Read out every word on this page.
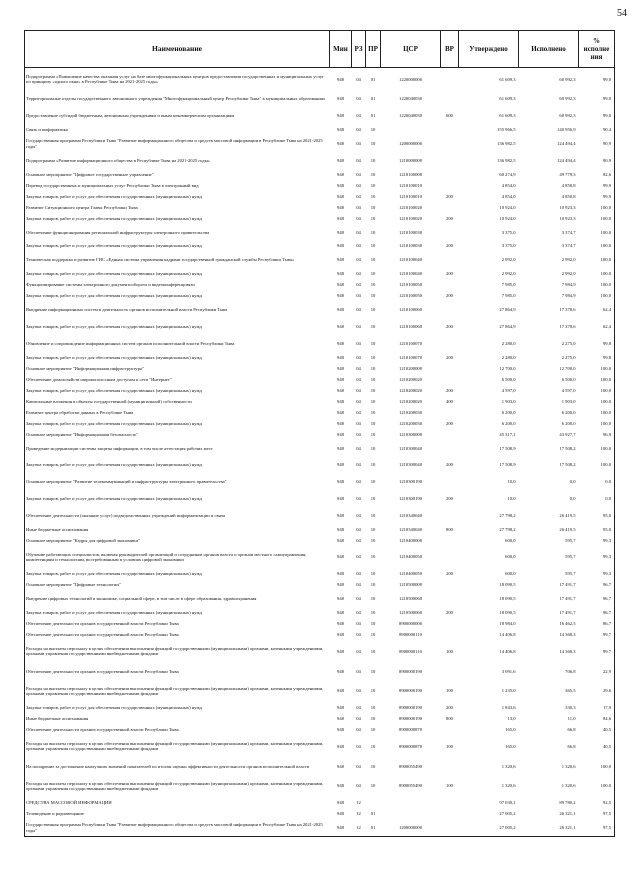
54
Наименование	Мин	РЗ	ПР	ЦСР	ВР	Утверждено	Исполнено	% исполне ния
Подпрограмма «Повышение качества оказания услуг на базе многофункциональных центров предоставления государственных и муниципальных услуг по принципу «одного окна» в Республике Тыва на 2021-2025 годы»	948	04	01	1220000000		61 609,3	60 992,3	99,0
Территориальные отделы государственного автономного учреждения "Многофункциональный центр Республики Тыва" в муниципальных образованиях	948	04	01	1220040030		61 609,3	60 992,3	99,0
Предоставление субсидий бюджетным, автономным учреждениям и иным некоммерческим организациям	948	04	01	1220040030	600	61 609,3	60 992,3	99,0
Связь и информатика	948	04	10			155 966,5	140 956,9	90,4
Государственная программа Республики Тыва "Развитие информационного общества и средств массовой информации в Республике Тыва на 2021-2025 годы"	948	04	10	1200000000		136 982,5	124 494,4	90,9
Подпрограмма «Развитие информационного общества в Республике Тыва на 2021-2025 годы»	948	04	10	1210000000		136 982,5	124 494,4	90,9
Основное мероприятие "Цифровое государственное управление"	948	04	10	1210100000		60 274,9	49 779,3	82,6
Перевод государственных и муниципальных услуг Республики Тыва в электронный вид	948	04	10	1210100010		4 854,0	4 850,8	99,9
Закупка товаров, работ и услуг для обеспечения государственных (муниципальных) нужд	948	04	10	1210100010	200	4 854,0	4 850,8	99,9
Развитие Ситуационного центра Главы Республики Тыва	948	04	10	1210100020		10 924,0	10 923,3	100,0
Закупка товаров, работ и услуг для обеспечения государственных (муниципальных) нужд	948	04	10	1210100020	200	10 924,0	10 923,3	100,0
Обеспечение функционирования региональной инфраструктуры электронного правительства	948	04	10	1210100030		3 375,0	3 374,7	100,0
Закупка товаров, работ и услуг для обеспечения государственных (муниципальных) нужд	948	04	10	1210100030	200	3 375,0	3 374,7	100,0
Техническая поддержка и развитие ГИС «Единая система управления кадрами государственной гражданской службы Республики Тыва»	948	04	10	1210100040		2 992,0	2 992,0	100,0
Закупка товаров, работ и услуг для обеспечения государственных (муниципальных) нужд	948	04	10	1210100040	200	2 992,0	2 992,0	100,0
Функционирование системы электронного документооборота и видеоконференцсвязи	948	04	10	1210100050		7 985,0	7 984,9	100,0
Закупка товаров, работ и услуг для обеспечения государственных (муниципальных) нужд	948	04	10	1210100050	200	7 985,0	7 984,9	100,0
Внедрение информационных систем в деятельность органов исполнительной власти Республики Тыва	948	04	10	1210100060		27 864,9	17 378,6	62,4
Закупка товаров, работ и услуг для обеспечения государственных (муниципальных) нужд	948	04	10	1210100060	200	27 864,9	17 378,6	62,4
Обновление и сопровождение информационных систем органов исполнительной власти Республики Тыва	948	04	10	1210100070		2 280,0	2 275,0	99,8
Закупка товаров, работ и услуг для обеспечения государственных (муниципальных) нужд	948	04	10	1210100070	200	2 280,0	2 275,0	99,8
Основное мероприятие "Информационная инфраструктура"	948	04	10	1210200000		12 700,0	12 700,0	100,0
Обеспечение домохозяйств широкополосным доступом к сети "Интернет"	948	04	10	1210200020		6 500,0	6 500,0	100,0
Закупка товаров, работ и услуг для обеспечения государственных (муниципальных) нужд	948	04	10	1210200020	200	4 597,0	4 597,0	100,0
Капитальные вложения в объекты государственной (муниципальной) собственности	948	04	10	1210200020	400	1 903,0	1 903,0	100,0
Развитие центра обработки данных в Республике Тыва	948	04	10	1210200030		6 200,0	6 200,0	100,0
Закупка товаров, работ и услуг для обеспечения государственных (муниципальных) нужд	948	04	10	1210200030	200	6 200,0	6 200,0	100,0
Основное мероприятие "Информационная безопасность"	948	04	10	1210300000		45 317,1	43 927,7	96,9
Проведение модернизации системы защиты информации, в том числе аттестация рабочих мест	948	04	10	1210300040		17 508,9	17 508,2	100,0
Закупка товаров, работ и услуг для обеспечения государственных (муниципальных) нужд	948	04	10	1210300040	200	17 508,9	17 508,2	100,0
Основное мероприятие "Развитие телекоммуникаций и инфраструктуры электронного правительства"	948	04	10	1210300190		10,0	0,0	0,0
Закупка товаров, работ и услуг для обеспечения государственных (муниципальных) нужд	948	04	10	1210300190	200	10,0	0,0	0,0
Обеспечение деятельности (оказание услуг) подведомственных учреждений информатизации и связи	948	04	10	1210340040		27 798,2	26 419,5	95,0
Иные бюджетные ассигнования	948	04	10	1210340040	800	27 798,2	26 419,5	95,0
Основное мероприятие "Кадры для цифровой экономики"	948	04	10	1210400000		600,0	595,7	99,3
Обучение работающих специалистов, включая руководителей организаций и сотрудников органов власти и органов местного самоуправления, компетенциям и технологиям, востребованным в условиях цифровой экономики	948	04	10	1210400050		600,0	595,7	99,3
Закупка товаров, работ и услуг для обеспечения государственных (муниципальных) нужд	948	04	10	1210400050	200	600,0	595,7	99,3
Основное мероприятие "Цифровые технологии"	948	04	10	1210500000		18 090,5	17 491,7	96,7
Внедрение цифровых технологий в экономике, социальной сфере, в том числе в сфере образования, здравоохранения	948	04	10	1210500060		18 090,5	17 491,7	96,7
Закупка товаров, работ и услуг для обеспечения государственных (муниципальных) нужд	948	04	10	1210500060	200	18 090,5	17 491,7	96,7
Обеспечение деятельности органов государственной власти Республики Тыва	948	04	10	8900000000		18 984,0	16 462,5	86,7
Обеспечение деятельности органов государственной власти Республики Тыва	948	04	10	8900000110		14 406,8	14 368,3	99,7
Расходы на выплаты персоналу в целях обеспечения выполнения функций государственными (муниципальными) органами, казенными учреждениями, органами управления государственными внебюджетными фондами	948	04	10	8900000110	100	14 406,8	14 368,3	99,7
Обеспечение деятельности органов государственной власти Республики Тыва	948	04	10	8900000190		3 091,6	706,8	22,9
Расходы на выплаты персоналу в целях обеспечения выполнения функций государственными (муниципальными) органами, казенными учреждениями, органами управления государственными внебюджетными фондами	948	04	10	8900000190	100	1 235,0	365,5	29,6
Закупка товаров, работ и услуг для обеспечения государственных (муниципальных) нужд	948	04	10	8900000190	200	1 843,6	330,3	17,9
Иные бюджетные ассигнования	948	04	10	8900000190	800	13,0	11,0	84,6
Обеспечение деятельности органов государственной власти Республики Тыва	948	04	10	8900000870		165,0	66,8	40,5
Расходы на выплаты персоналу в целях обеспечения выполнения функций государственными (муниципальными) органами, казенными учреждениями, органами управления государственными внебюджетными фондами	948	04	10	8900000870	100	165,0	66,8	40,5
На поощрение за достижение наилучших значений показателей по итогам оценки эффективности деятельности органов исполнительной власти	948	04	10	8900055490		1 320,6	1 320,6	100,0
Расходы на выплаты персоналу в целях обеспечения выполнения функций государственными (муниципальными) органами, казенными учреждениями, органами управления государственными внебюджетными фондами	948	04	10	8900055490	100	1 320,6	1 320,6	100,0
СРЕДСТВА МАССОВОЙ ИНФОРМАЦИИ	948	12				97 030,1	89 780,2	92,5
Телевидение и радиовещание	948	12	01			27 005,2	26 321,1	97,5
Государственная программа Республики Тыва "Развитие информационного общества и средств массовой информации в Республике Тыва на 2021-2025 годы"	948	12	01	1200000000		27 005,2	26 321,1	97,5
